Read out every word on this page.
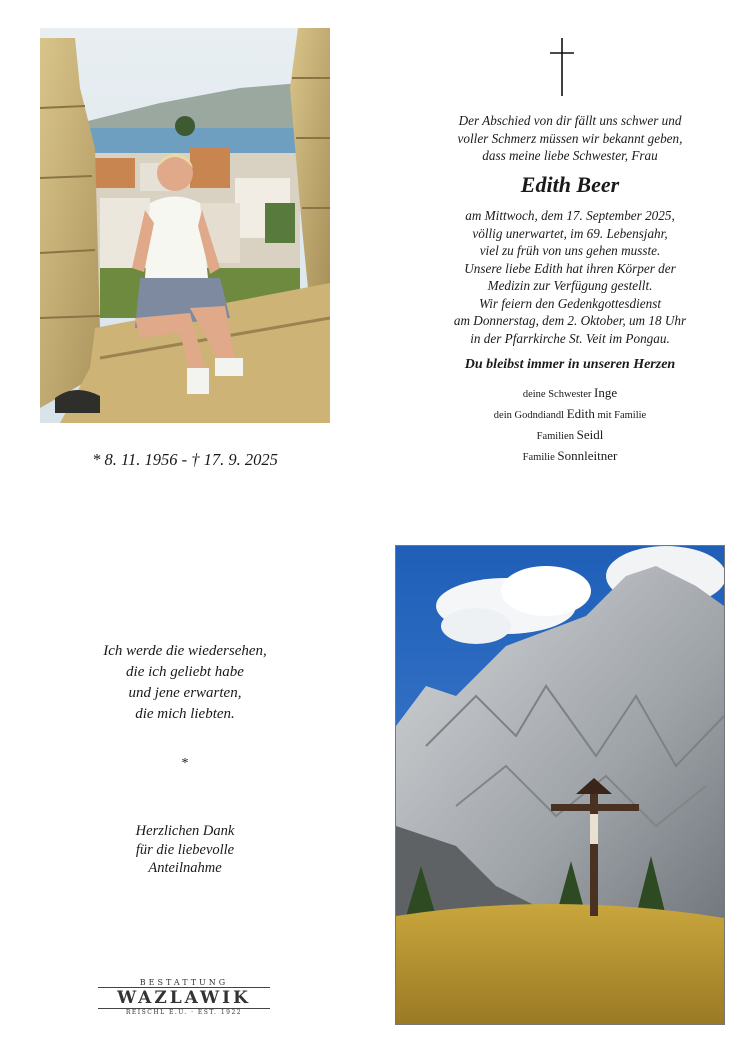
Der Abschied von dir fällt uns schwer und
voller Schmerz müssen wir bekannt geben,
dass meine liebe Schwester, Frau
Edith Beer
am Mittwoch, dem 17. September 2025,
völlig unerwartet, im 69. Lebensjahr,
viel zu früh von uns gehen musste.
Unsere liebe Edith hat ihren Körper der
Medizin zur Verfügung gestellt.
Wir feiern den Gedenkgottesdienst
am Donnerstag, dem 2. Oktober, um 18 Uhr
in der Pfarrkirche St. Veit im Pongau.
Du bleibst immer in unseren Herzen
deine Schwester Inge
dein Godndiandl Edith mit Familie
Familien Seidl
Familie Sonnleitner
* 8. 11. 1956 - † 17. 9. 2025
Ich werde die wiedersehen,
die ich geliebt habe
und jene erwarten,
die mich liebten.
*
Herzlichen Dank
für die liebevolle
Anteilnahme
BESTATTUNG
WAZLAWIK
REISCHL E.U. · EST. 1922
